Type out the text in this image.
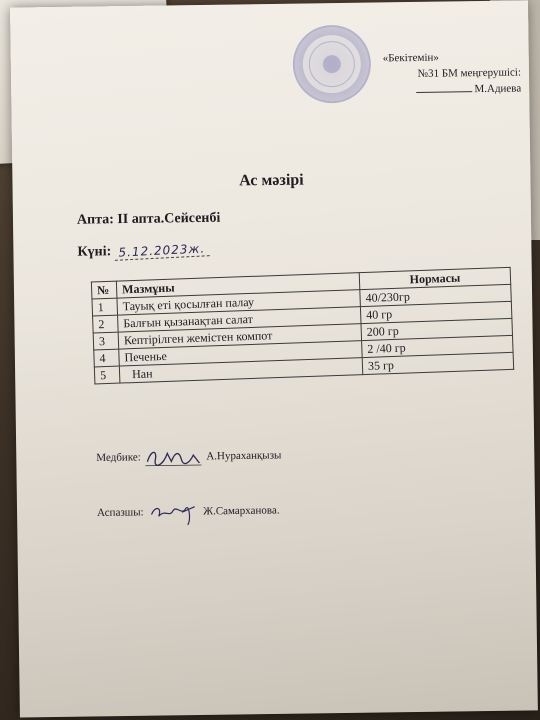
«Бекітемін»
№31 БМ меңгерушісі:
М.Адиева
Ас мәзірі
Апта: II апта.Сейсенбі
Күні: 5.12.2023ж.
№	Мазмұны	Нормасы
1	Тауық еті қосылған палау	40/230гр
2	Балғын қызанақтан салат	40 гр
3	Кептірілген жемістен компот	200 гр
4	Печенье	2 /40 гр
5	Нан	35 гр
Медбике:	А.Нураханқызы
Аспазшы:	Ж.Самарханова.
